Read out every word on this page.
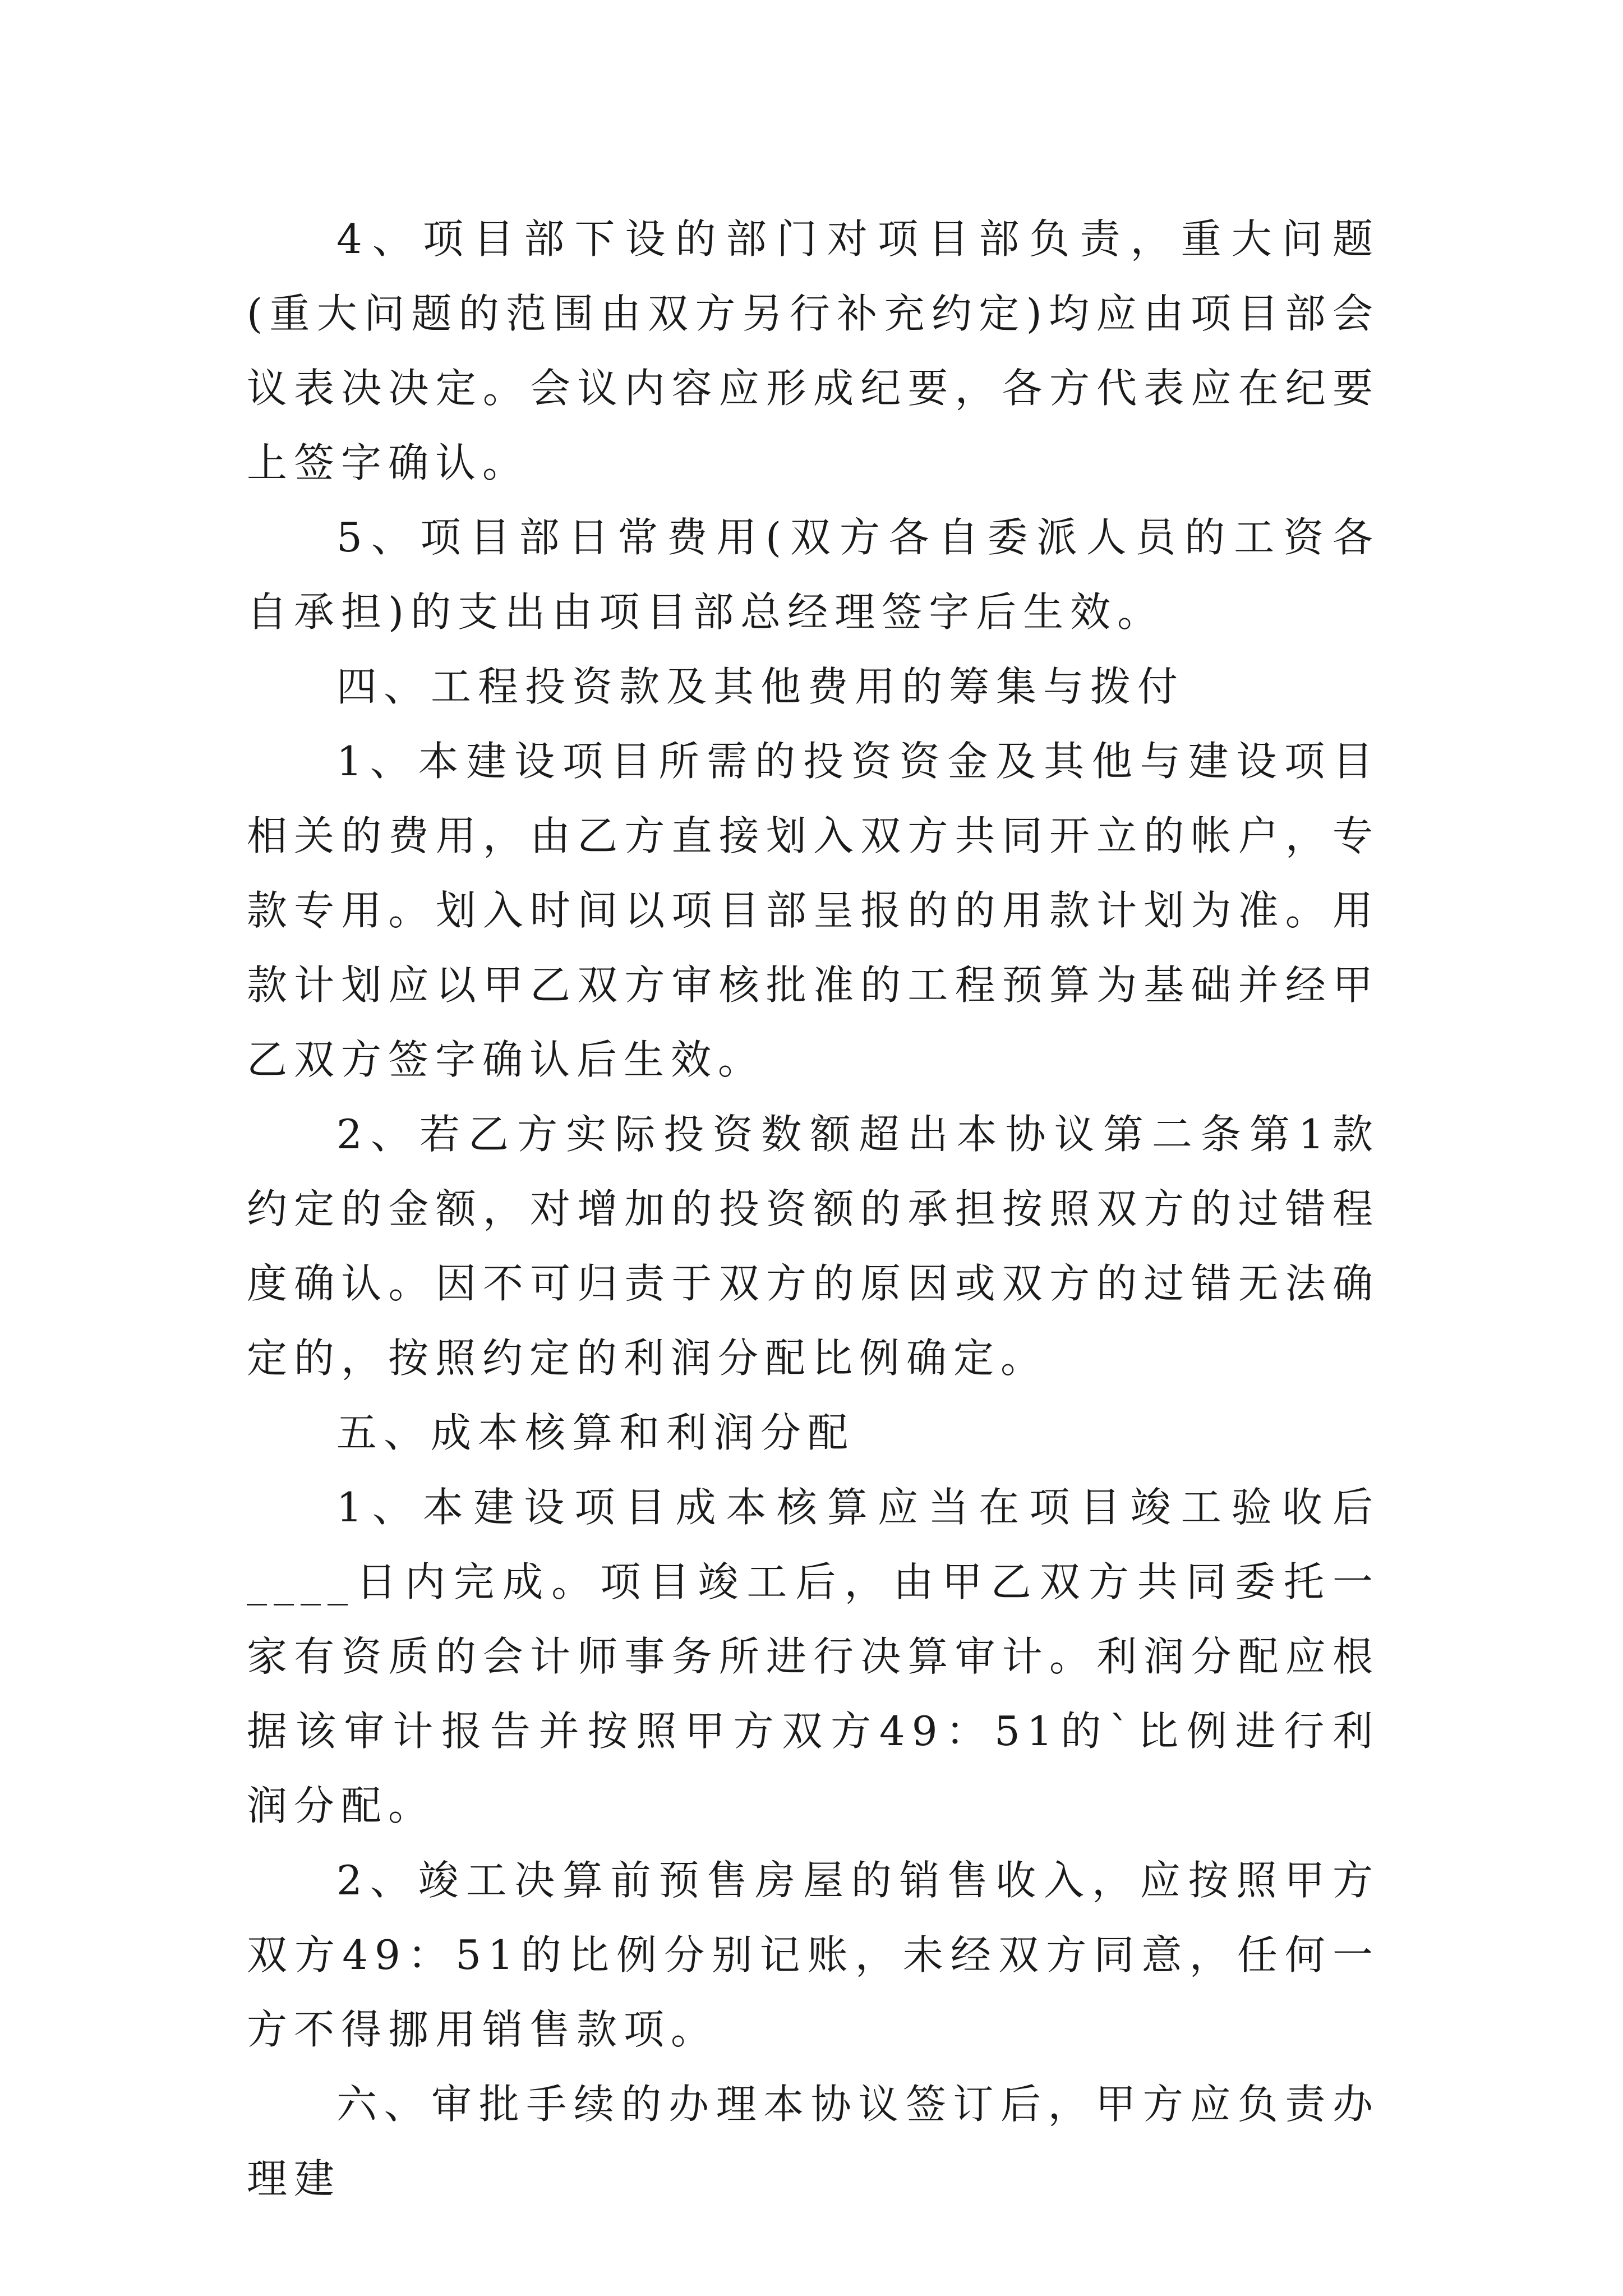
4、项目部下设的部门对项目部负责，重大问题(重大问题的范围由双方另行补充约定)均应由项目部会议表决决定。会议内容应形成纪要，各方代表应在纪要上签字确认。

5、项目部日常费用(双方各自委派人员的工资各自承担)的支出由项目部总经理签字后生效。

四、工程投资款及其他费用的筹集与拨付

1、本建设项目所需的投资资金及其他与建设项目相关的费用，由乙方直接划入双方共同开立的帐户，专款专用。划入时间以项目部呈报的的用款计划为准。用款计划应以甲乙双方审核批准的工程预算为基础并经甲乙双方签字确认后生效。

2、若乙方实际投资数额超出本协议第二条第1款约定的金额，对增加的投资额的承担按照双方的过错程度确认。因不可归责于双方的原因或双方的过错无法确定的，按照约定的利润分配比例确定。

五、成本核算和利润分配

1、本建设项目成本核算应当在项目竣工验收后____日内完成。项目竣工后，由甲乙双方共同委托一家有资质的会计师事务所进行决算审计。利润分配应根据该审计报告并按照甲方双方49：51的`比例进行利润分配。

2、竣工决算前预售房屋的销售收入，应按照甲方双方49：51的比例分别记账，未经双方同意，任何一方不得挪用销售款项。

六、审批手续的办理本协议签订后，甲方应负责办理建
